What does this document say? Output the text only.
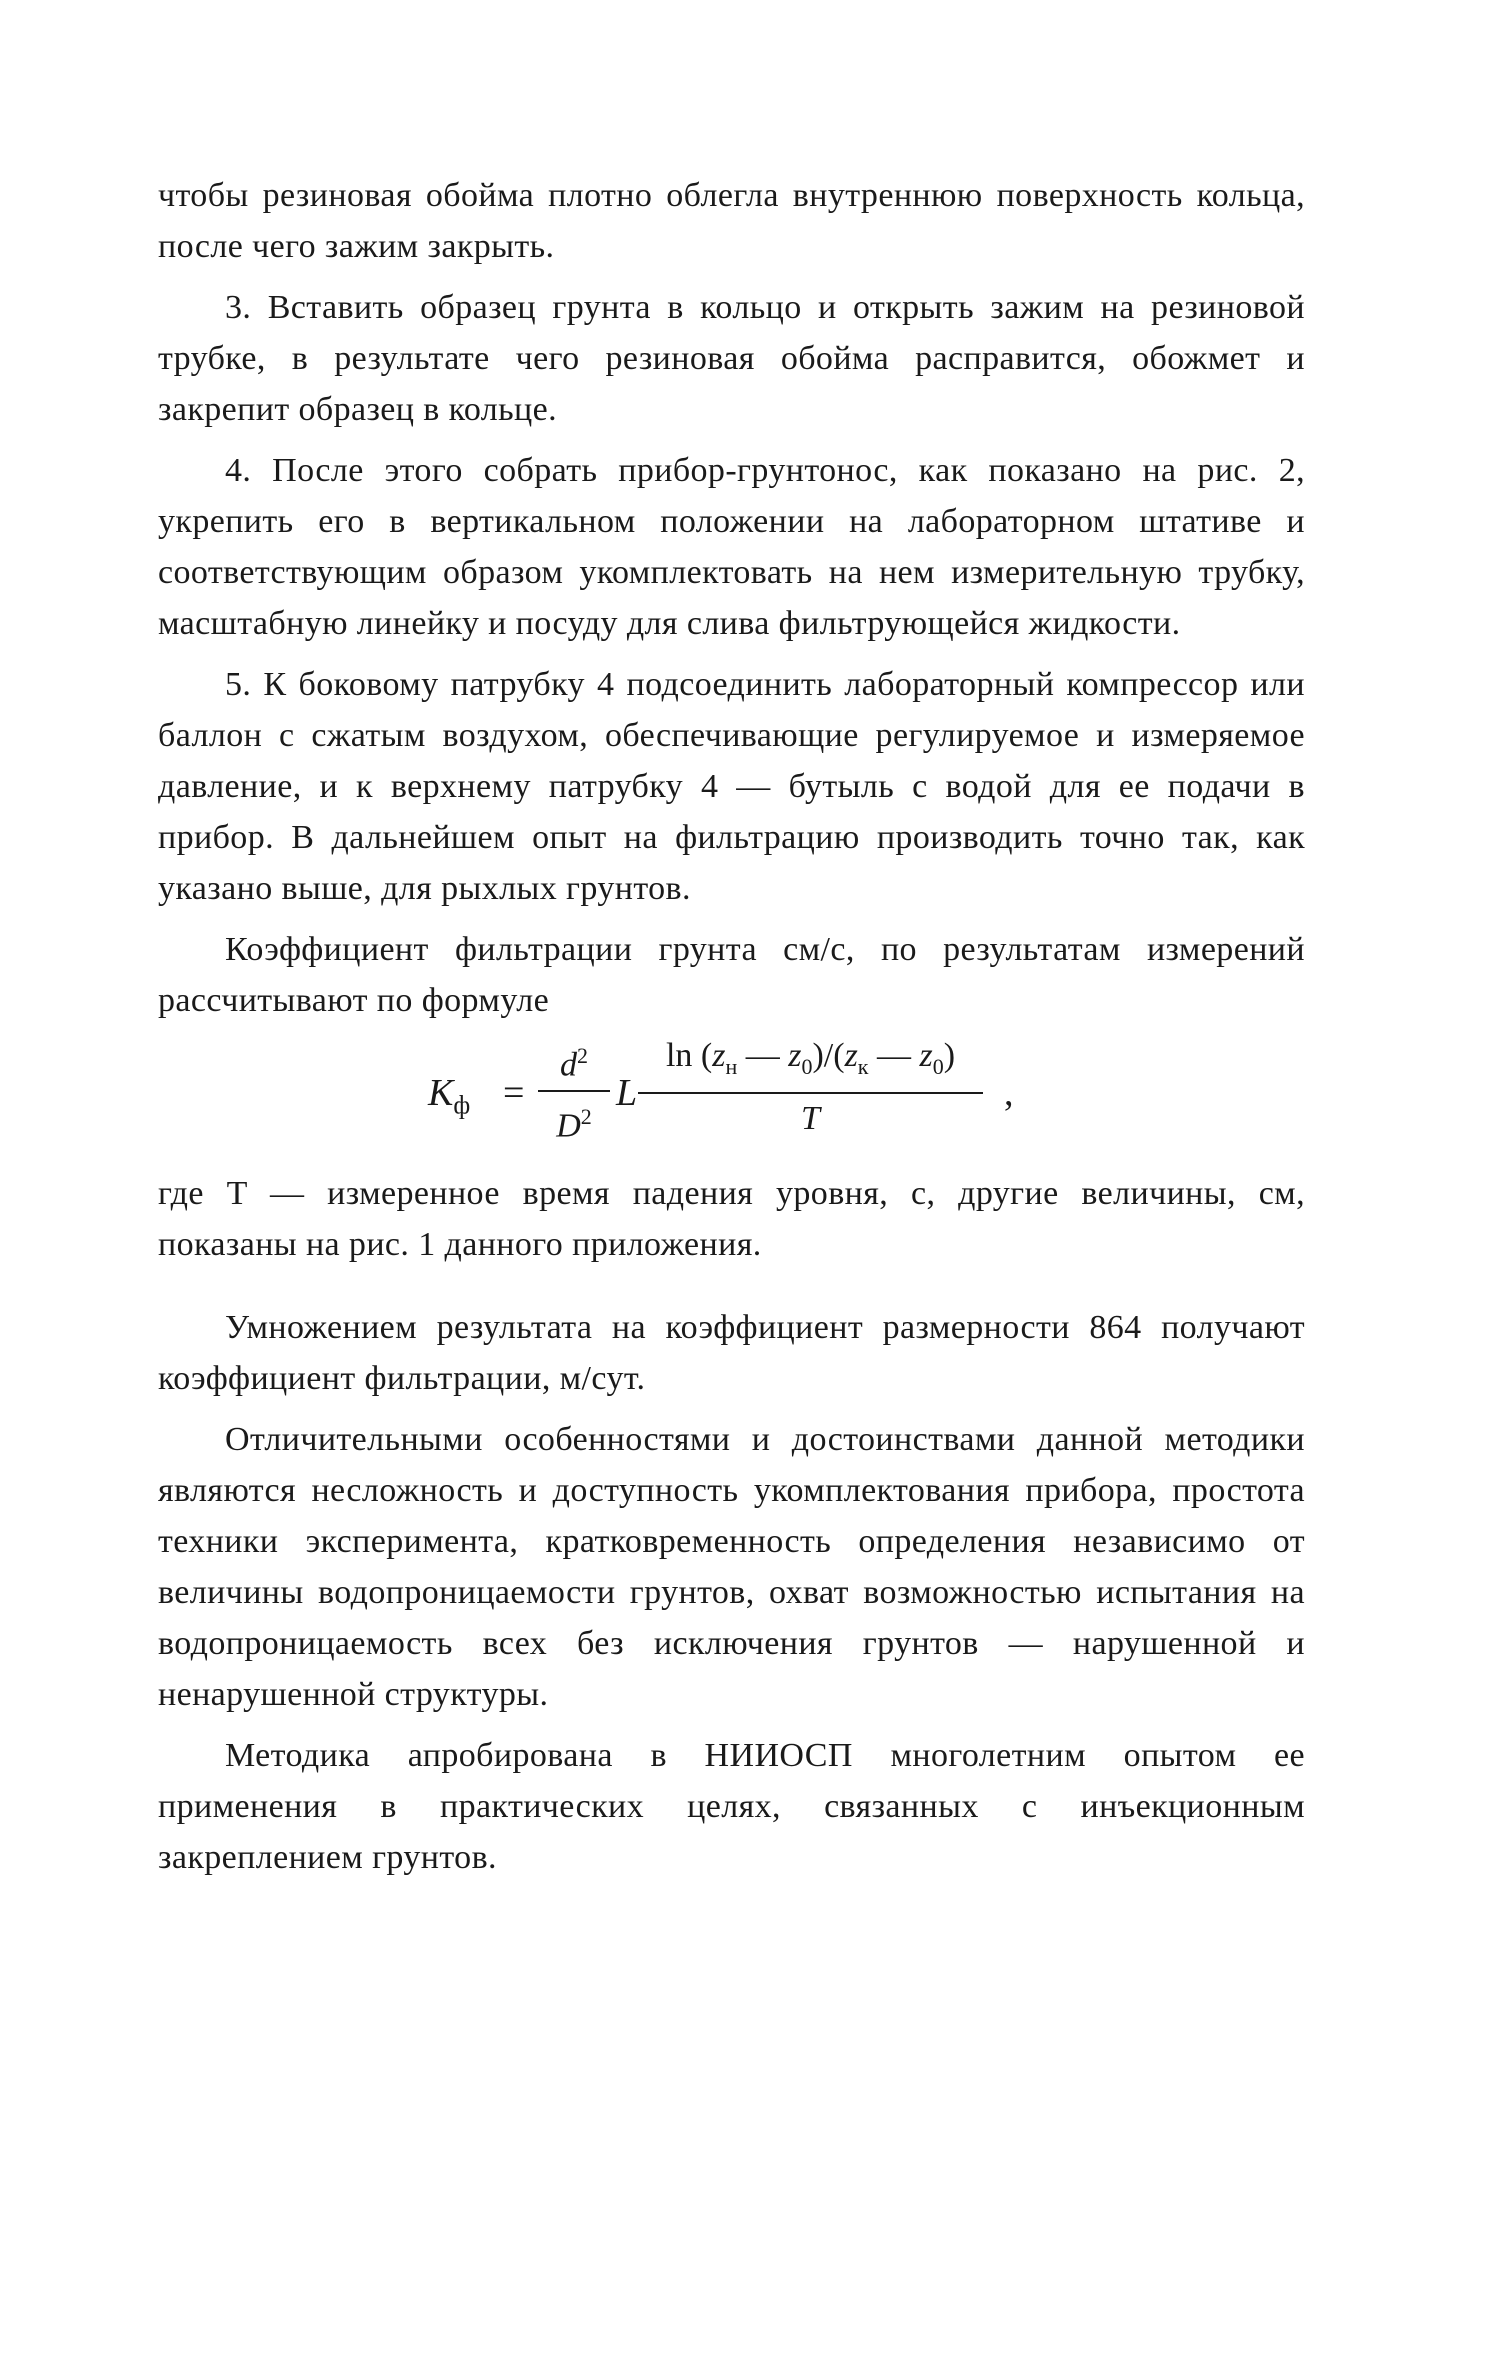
чтобы резиновая обойма плотно облегла внутреннюю поверхность кольца, после чего зажим закрыть.

3. Вставить образец грунта в кольцо и открыть зажим на резиновой трубке, в результате чего резиновая обойма расправится, обожмет и закрепит образец в кольце.

4. После этого собрать прибор-грунтонос, как показано на рис. 2, укрепить его в вертикальном положении на лабораторном штативе и соответствующим образом укомплектовать на нем измерительную трубку, масштабную линейку и посуду для слива фильтрующейся жидкости.

5. К боковому патрубку 4 подсоединить лабораторный компрессор или баллон с сжатым воздухом, обеспечивающие регулируемое и измеряемое давление, и к верхнему патрубку 4 — бутыль с водой для ее подачи в прибор. В дальнейшем опыт на фильтрацию производить точно так, как указано выше, для рыхлых грунтов.

Коэффициент фильтрации грунта см/с, по результатам измерений рассчитывают по формуле

$K_ф$ =
$d^2$
$D^2$
L
$\ln (z_н$ — $z_0)/(z_к$ — $z_0$)
T
,

где T — измеренное время падения уровня, с, другие величины, см, показаны на рис. 1 данного приложения.

Умножением результата на коэффициент размерности 864 получают коэффициент фильтрации, м/сут.

Отличительными особенностями и достоинствами данной методики являются несложность и доступность укомплектования прибора, простота техники эксперимента, кратковременность определения независимо от величины водопроницаемости грунтов, охват возможностью испытания на водопроницаемость всех без исключения грунтов — нарушенной и ненарушенной структуры.

Методика апробирована в НИИОСП многолетним опытом ее применения в практических целях, связанных с инъекционным закреплением грунтов.
